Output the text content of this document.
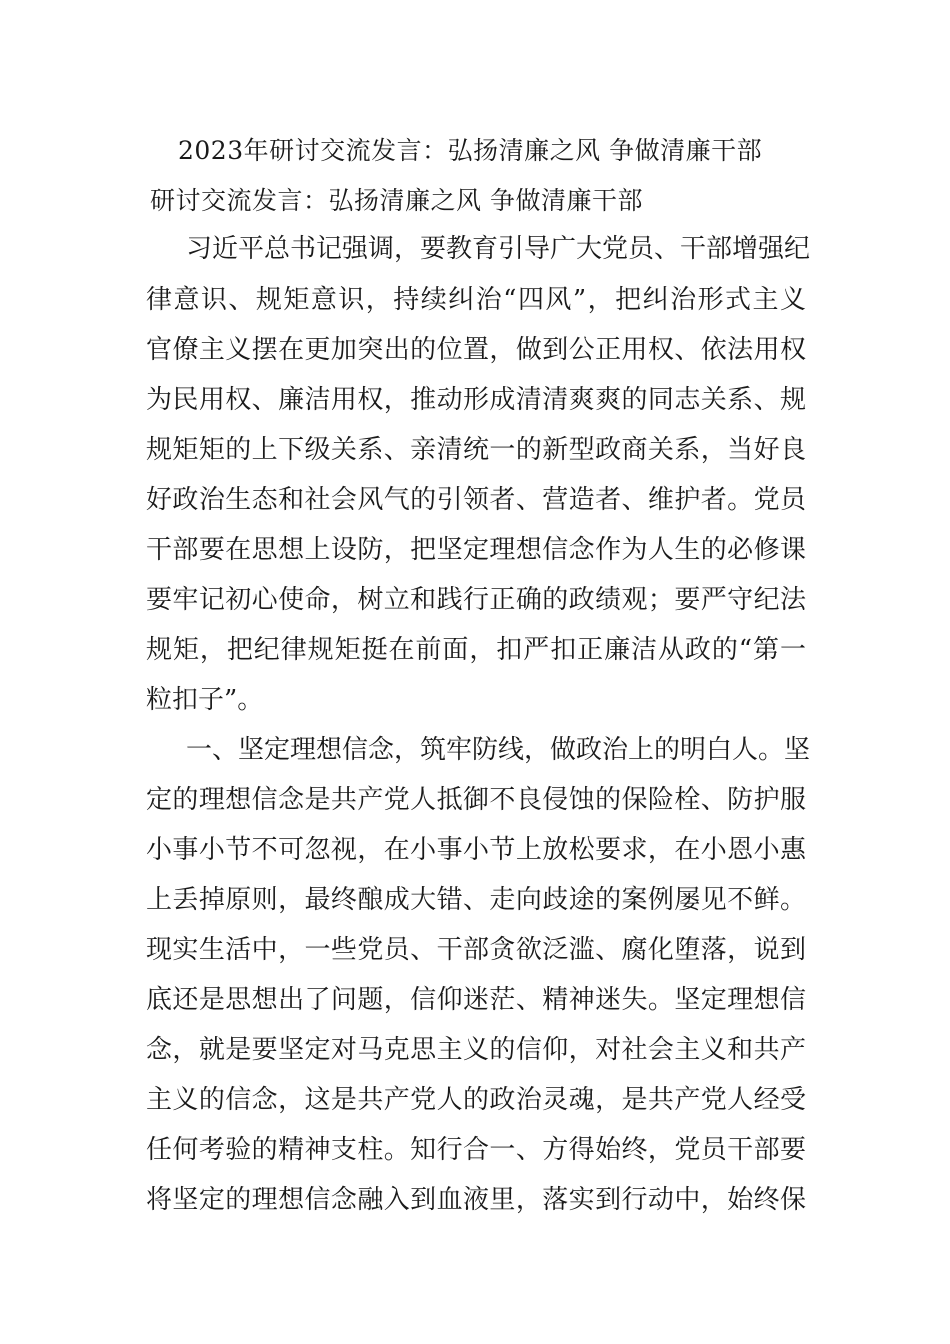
2023年研讨交流发言：弘扬清廉之风 争做清廉干部
研讨交流发言：弘扬清廉之风 争做清廉干部
习近平总书记强调，要教育引导广大党员、干部增强纪
律意识、规矩意识，持续纠治“四风”，把纠治形式主义
官僚主义摆在更加突出的位置，做到公正用权、依法用权
为民用权、廉洁用权，推动形成清清爽爽的同志关系、规
规矩矩的上下级关系、亲清统一的新型政商关系，当好良
好政治生态和社会风气的引领者、营造者、维护者。党员
干部要在思想上设防，把坚定理想信念作为人生的必修课
要牢记初心使命，树立和践行正确的政绩观；要严守纪法
规矩，把纪律规矩挺在前面，扣严扣正廉洁从政的“第一
粒扣子”。
一、坚定理想信念，筑牢防线，做政治上的明白人。坚
定的理想信念是共产党人抵御不良侵蚀的保险栓、防护服
小事小节不可忽视，在小事小节上放松要求，在小恩小惠
上丢掉原则，最终酿成大错、走向歧途的案例屡见不鲜。
现实生活中，一些党员、干部贪欲泛滥、腐化堕落，说到
底还是思想出了问题，信仰迷茫、精神迷失。坚定理想信
念，就是要坚定对马克思主义的信仰，对社会主义和共产
主义的信念，这是共产党人的政治灵魂，是共产党人经受
任何考验的精神支柱。知行合一、方得始终，党员干部要
将坚定的理想信念融入到血液里，落实到行动中，始终保
